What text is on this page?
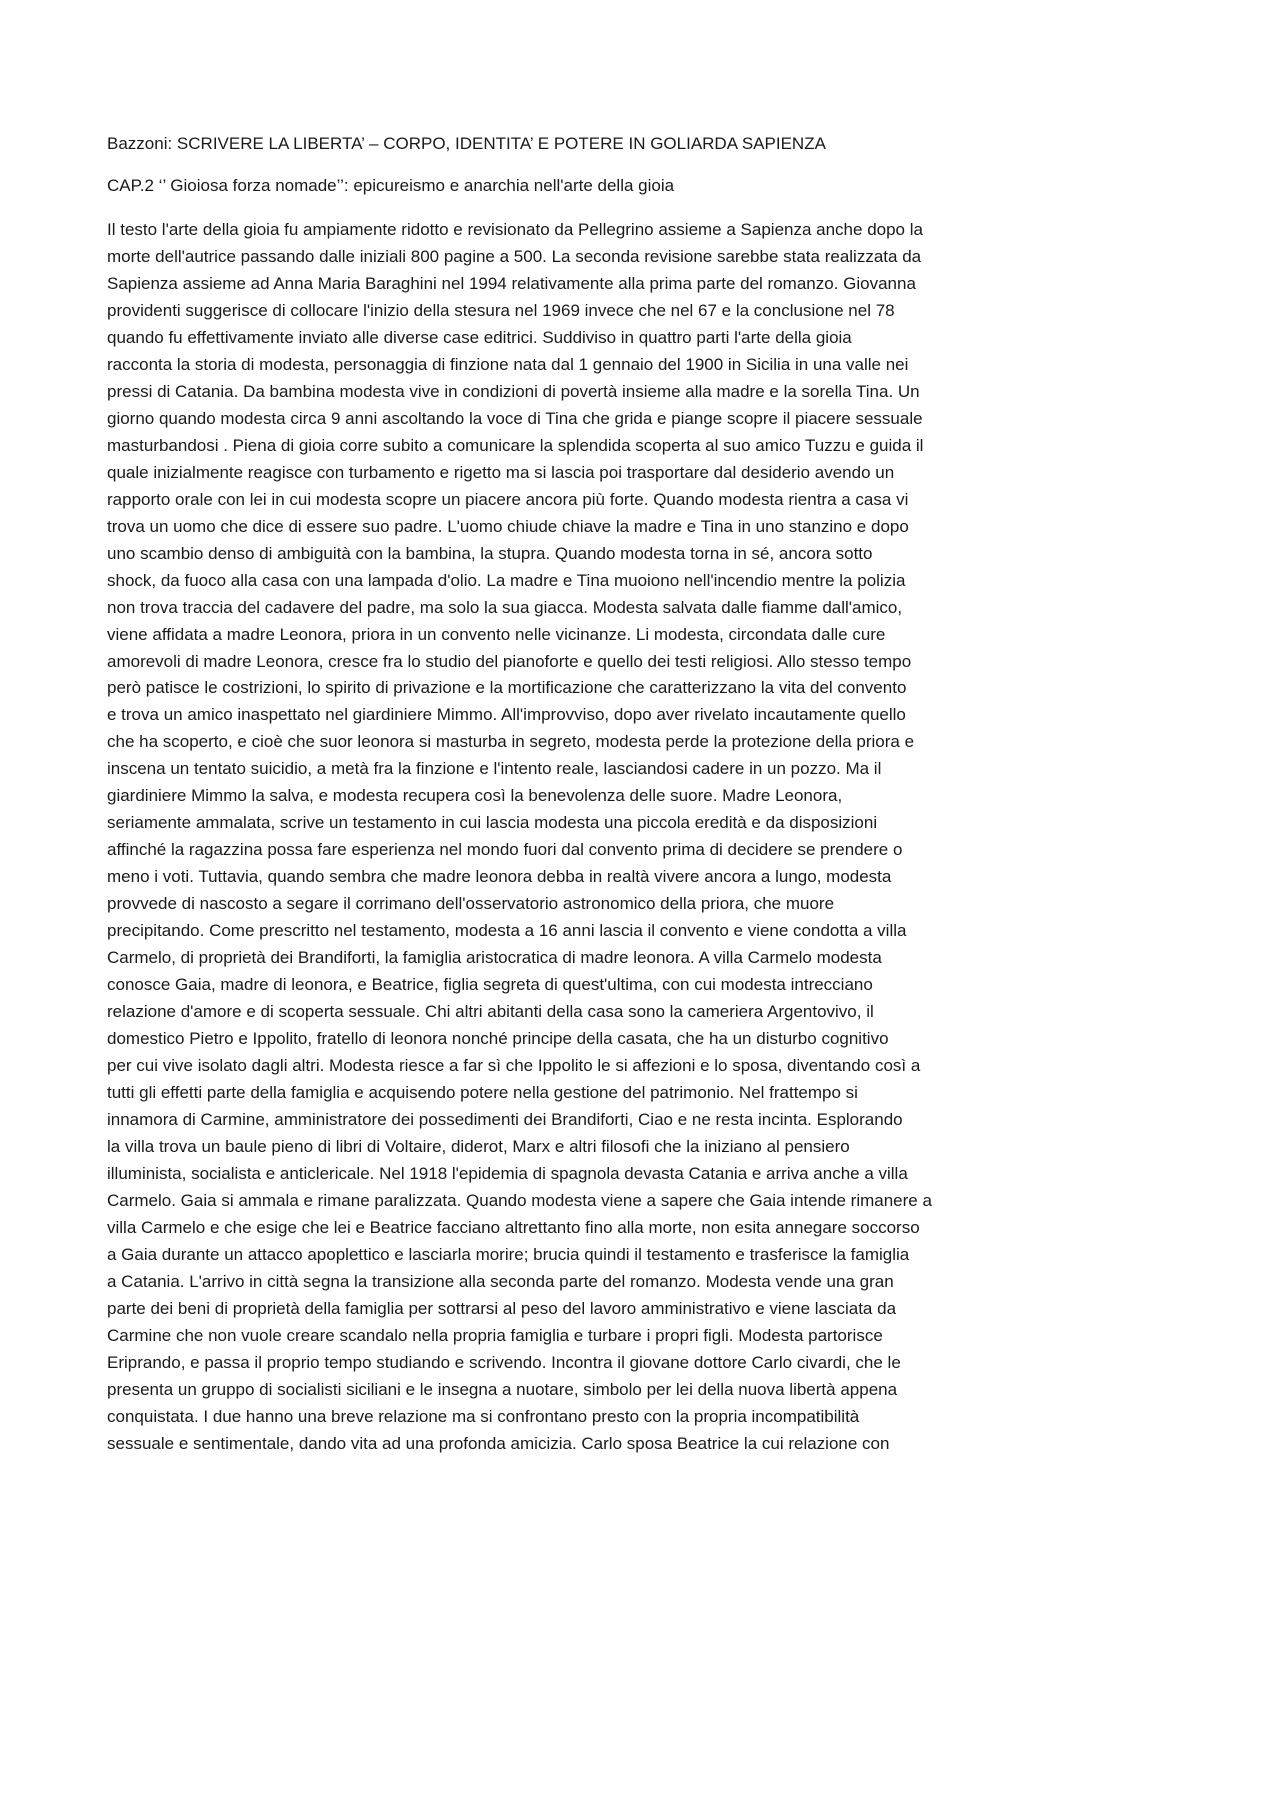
Bazzoni: SCRIVERE LA LIBERTA’ – CORPO, IDENTITA’ E POTERE IN GOLIARDA SAPIENZA
CAP.2 ‘’ Gioiosa forza nomade’’: epicureismo e anarchia nell'arte della gioia
Il testo l'arte della gioia fu ampiamente ridotto e revisionato da Pellegrino assieme a Sapienza anche dopo la
morte dell'autrice passando dalle iniziali 800 pagine a 500. La seconda revisione sarebbe stata realizzata da
Sapienza assieme ad Anna Maria Baraghini nel 1994 relativamente alla prima parte del romanzo. Giovanna
providenti suggerisce di collocare l'inizio della stesura nel 1969 invece che nel 67 e la conclusione nel 78
quando fu effettivamente inviato alle diverse case editrici. Suddiviso in quattro parti l'arte della gioia
racconta la storia di modesta, personaggia di finzione nata dal 1 gennaio del 1900 in Sicilia in una valle nei
pressi di Catania. Da bambina modesta vive in condizioni di povertà insieme alla madre e la sorella Tina. Un
giorno quando modesta circa 9 anni ascoltando la voce di Tina che grida e piange scopre il piacere sessuale
masturbandosi . Piena di gioia corre subito a comunicare la splendida scoperta al suo amico Tuzzu e guida il
quale inizialmente reagisce con turbamento e rigetto ma si lascia poi trasportare dal desiderio avendo un
rapporto orale con lei in cui modesta scopre un piacere ancora più forte. Quando modesta rientra a casa vi
trova un uomo che dice di essere suo padre. L'uomo chiude chiave la madre e Tina in uno stanzino e dopo
uno scambio denso di ambiguità con la bambina, la stupra. Quando modesta torna in sé, ancora sotto
shock, da fuoco alla casa con una lampada d'olio. La madre e Tina muoiono nell'incendio mentre la polizia
non trova traccia del cadavere del padre, ma solo la sua giacca. Modesta salvata dalle fiamme dall'amico,
viene affidata a madre Leonora, priora in un convento nelle vicinanze. Li modesta, circondata dalle cure
amorevoli di madre Leonora, cresce fra lo studio del pianoforte e quello dei testi religiosi. Allo stesso tempo
però patisce le costrizioni, lo spirito di privazione e la mortificazione che caratterizzano la vita del convento
e trova un amico inaspettato nel giardiniere Mimmo. All'improvviso, dopo aver rivelato incautamente quello
che ha scoperto, e cioè che suor leonora si masturba in segreto, modesta perde la protezione della priora e
inscena un tentato suicidio, a metà fra la finzione e l'intento reale, lasciandosi cadere in un pozzo. Ma il
giardiniere Mimmo la salva, e modesta recupera così la benevolenza delle suore. Madre Leonora,
seriamente ammalata, scrive un testamento in cui lascia modesta una piccola eredità e da disposizioni
affinché la ragazzina possa fare esperienza nel mondo fuori dal convento prima di decidere se prendere o
meno i voti. Tuttavia, quando sembra che madre leonora debba in realtà vivere ancora a lungo, modesta
provvede di nascosto a segare il corrimano dell'osservatorio astronomico della priora, che muore
precipitando. Come prescritto nel testamento, modesta a 16 anni lascia il convento e viene condotta a villa
Carmelo, di proprietà dei Brandiforti, la famiglia aristocratica di madre leonora. A villa Carmelo modesta
conosce Gaia, madre di leonora, e Beatrice, figlia segreta di quest'ultima, con cui modesta intrecciano
relazione d'amore e di scoperta sessuale. Chi altri abitanti della casa sono la cameriera Argentovivo, il
domestico Pietro e Ippolito, fratello di leonora nonché principe della casata, che ha un disturbo cognitivo
per cui vive isolato dagli altri. Modesta riesce a far sì che Ippolito le si affezioni e lo sposa, diventando così a
tutti gli effetti parte della famiglia e acquisendo potere nella gestione del patrimonio. Nel frattempo si
innamora di Carmine, amministratore dei possedimenti dei Brandiforti, Ciao e ne resta incinta. Esplorando
la villa trova un baule pieno di libri di Voltaire, diderot, Marx e altri filosofi che la iniziano al pensiero
illuminista, socialista e anticlericale. Nel 1918 l'epidemia di spagnola devasta Catania e arriva anche a villa
Carmelo. Gaia si ammala e rimane paralizzata. Quando modesta viene a sapere che Gaia intende rimanere a
villa Carmelo e che esige che lei e Beatrice facciano altrettanto fino alla morte, non esita annegare soccorso
a Gaia durante un attacco apoplettico e lasciarla morire; brucia quindi il testamento e trasferisce la famiglia
a Catania. L'arrivo in città segna la transizione alla seconda parte del romanzo. Modesta vende una gran
parte dei beni di proprietà della famiglia per sottrarsi al peso del lavoro amministrativo e viene lasciata da
Carmine che non vuole creare scandalo nella propria famiglia e turbare i propri figli. Modesta partorisce
Eriprando, e passa il proprio tempo studiando e scrivendo. Incontra il giovane dottore Carlo civardi, che le
presenta un gruppo di socialisti siciliani e le insegna a nuotare, simbolo per lei della nuova libertà appena
conquistata. I due hanno una breve relazione ma si confrontano presto con la propria incompatibilità
sessuale e sentimentale, dando vita ad una profonda amicizia. Carlo sposa Beatrice la cui relazione con
